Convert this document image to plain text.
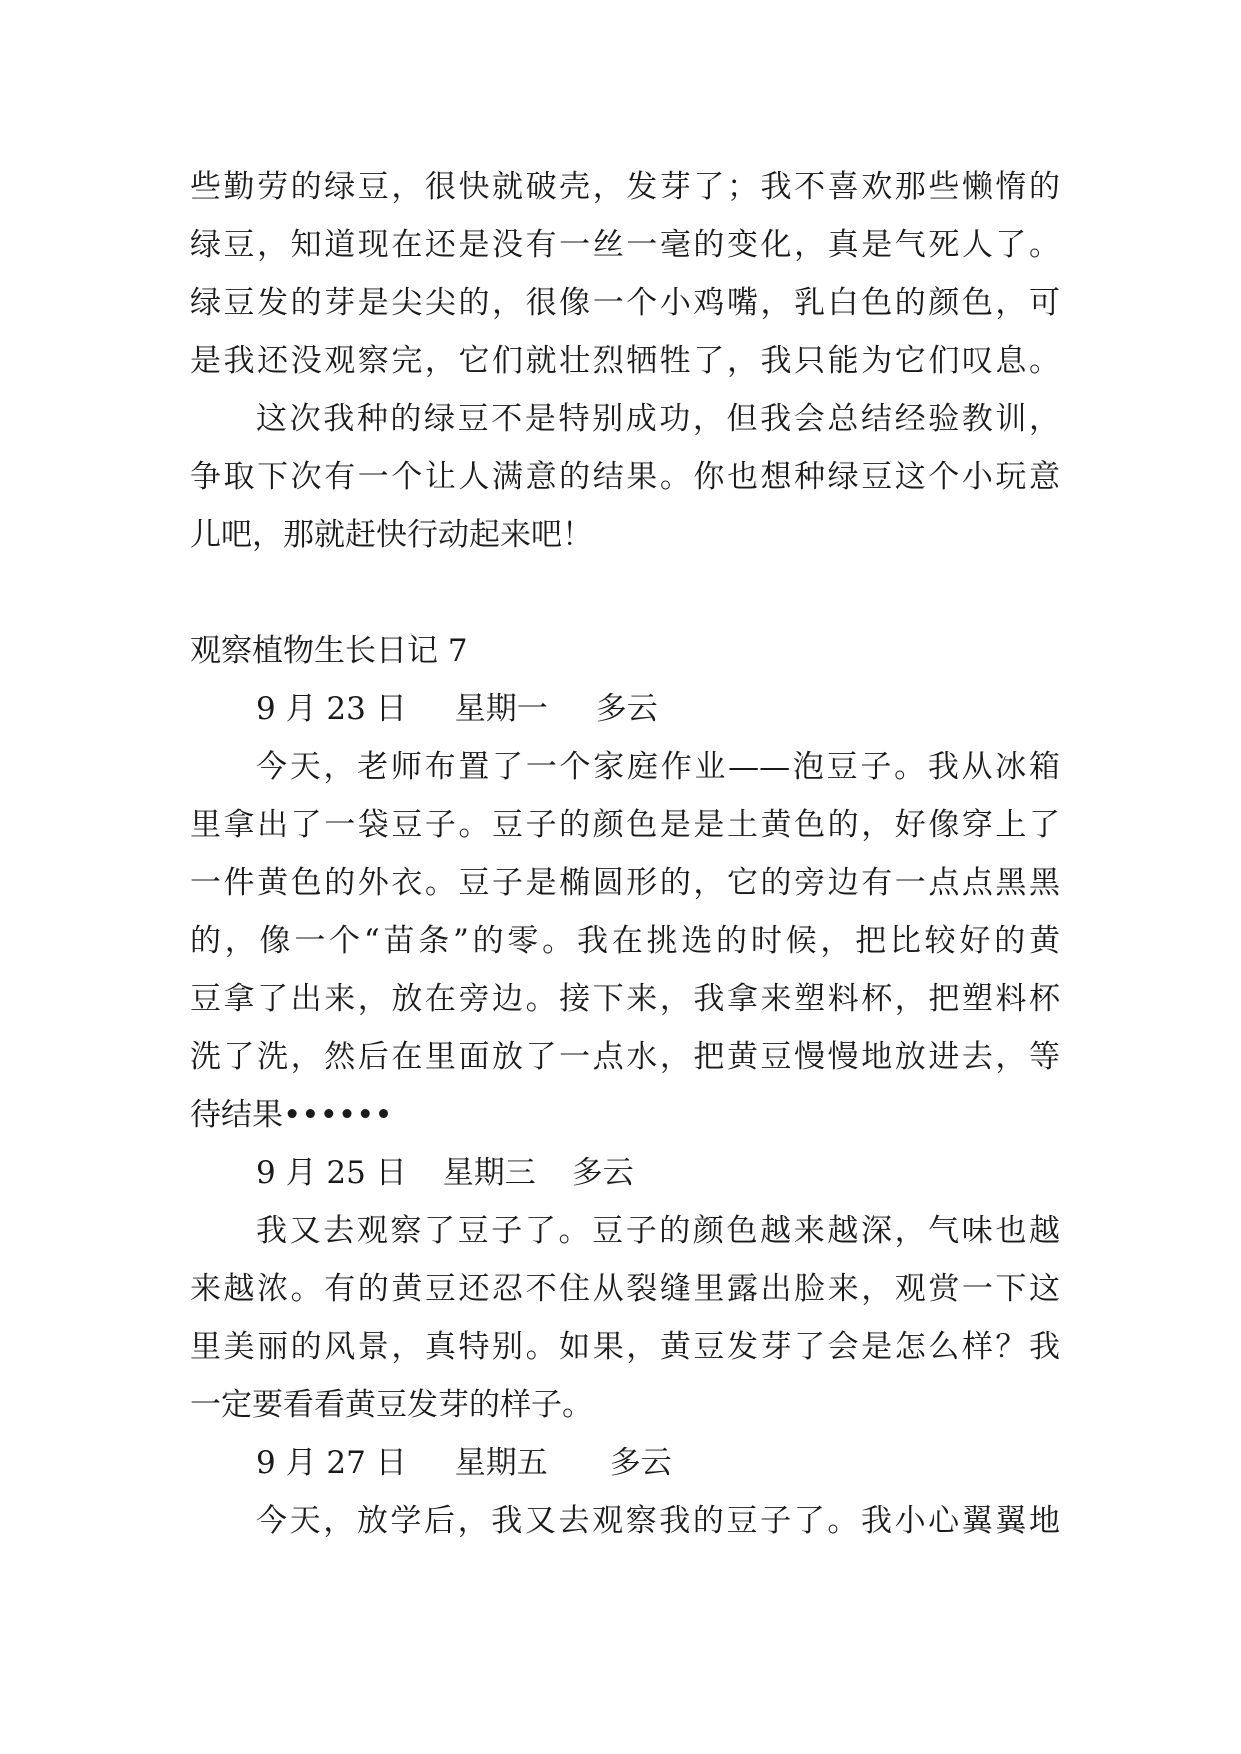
些勤劳的绿豆，很快就破壳，发芽了；我不喜欢那些懒惰的
绿豆，知道现在还是没有一丝一毫的变化，真是气死人了。
绿豆发的芽是尖尖的，很像一个小鸡嘴，乳白色的颜色，可
是我还没观察完，它们就壮烈牺牲了，我只能为它们叹息。
这次我种的绿豆不是特别成功，但我会总结经验教训，
争取下次有一个让人满意的结果。你也想种绿豆这个小玩意
儿吧，那就赶快行动起来吧！
观察植物生长日记 7
9 月 23 日 星期一 多云
今天，老师布置了一个家庭作业——泡豆子。我从冰箱
里拿出了一袋豆子。豆子的颜色是是土黄色的，好像穿上了
一件黄色的外衣。豆子是椭圆形的，它的旁边有一点点黑黑
的，像一个“苗条”的零。我在挑选的时候，把比较好的黄
豆拿了出来，放在旁边。接下来，我拿来塑料杯，把塑料杯
洗了洗，然后在里面放了一点水，把黄豆慢慢地放进去，等
待结果••••••
9 月 25 日 星期三 多云
我又去观察了豆子了。豆子的颜色越来越深，气味也越
来越浓。有的黄豆还忍不住从裂缝里露出脸来，观赏一下这
里美丽的风景，真特别。如果，黄豆发芽了会是怎么样？我
一定要看看黄豆发芽的样子。
9 月 27 日 星期五 多云
今天，放学后，我又去观察我的豆子了。我小心翼翼地
